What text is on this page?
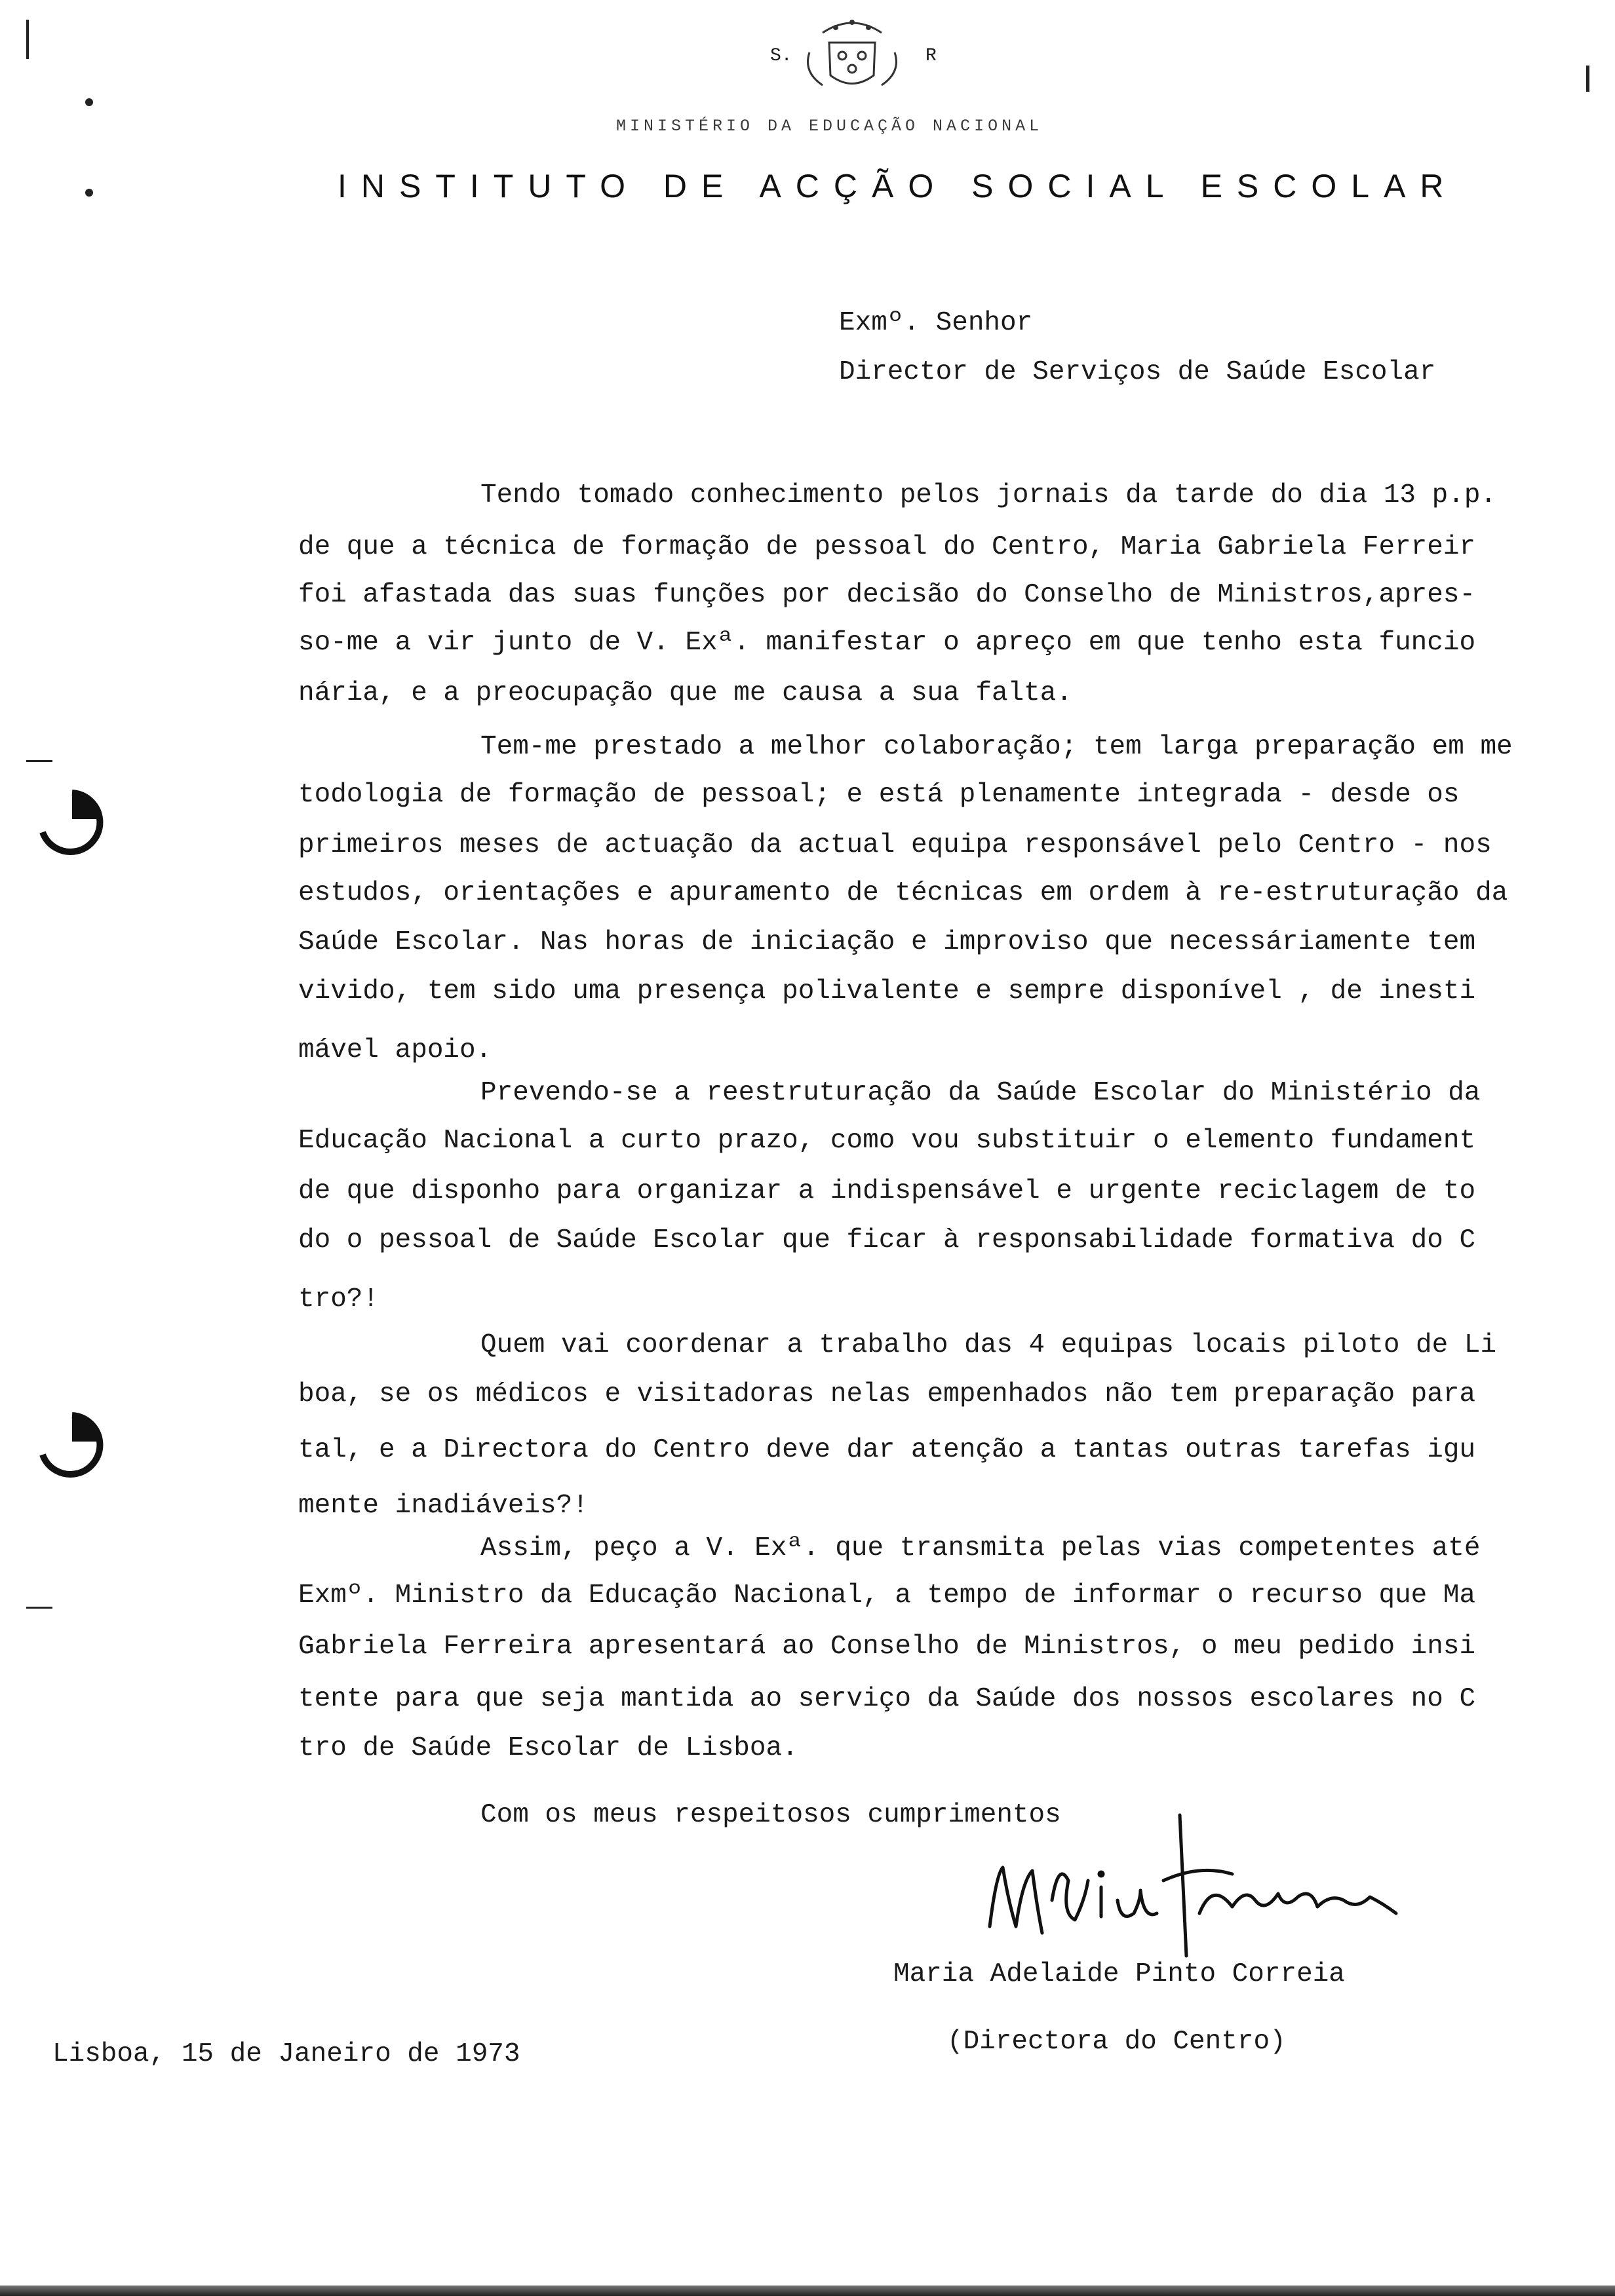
S.	R
MINISTÉRIO DA EDUCAÇÃO NACIONAL
INSTITUTO DE ACÇÃO SOCIAL ESCOLAR
Exmº. Senhor
Director de Serviços de Saúde Escolar
Tendo tomado conhecimento pelos jornais da tarde do dia 13 p.p.
de que a técnica de formação de pessoal do Centro, Maria Gabriela Ferreir
foi afastada das suas funções por decisão do Conselho de Ministros,apres-
so-me a vir junto de V. Exª. manifestar o apreço em que tenho esta funcio
nária, e a preocupação que me causa a sua falta.
Tem-me prestado a melhor colaboração; tem larga preparação em me
todologia de formação de pessoal; e está plenamente integrada - desde os
primeiros meses de actuação da actual equipa responsável pelo Centro - nos
estudos, orientações e apuramento de técnicas em ordem à re-estruturação da
Saúde Escolar. Nas horas de iniciação e improviso que necessáriamente tem
vivido, tem sido uma presença polivalente e sempre disponível , de inesti
mável apoio.
Prevendo-se a reestruturação da Saúde Escolar do Ministério da
Educação Nacional a curto prazo, como vou substituir o elemento fundament
de que disponho para organizar a indispensável e urgente reciclagem de to
do o pessoal de Saúde Escolar que ficar à responsabilidade formativa do C
tro?!
Quem vai coordenar a trabalho das 4 equipas locais piloto de Li
boa, se os médicos e visitadoras nelas empenhados não tem preparação para
tal, e a Directora do Centro deve dar atenção a tantas outras tarefas igu
mente inadiáveis?!
Assim, peço a V. Exª. que transmita pelas vias competentes até
Exmº. Ministro da Educação Nacional, a tempo de informar o recurso que Ma
Gabriela Ferreira apresentará ao Conselho de Ministros, o meu pedido insi
tente para que seja mantida ao serviço da Saúde dos nossos escolares no C
tro de Saúde Escolar de Lisboa.
Com os meus respeitosos cumprimentos
Maria Adelaide Pinto Correia
(Directora do Centro)
Lisboa, 15 de Janeiro de 1973
